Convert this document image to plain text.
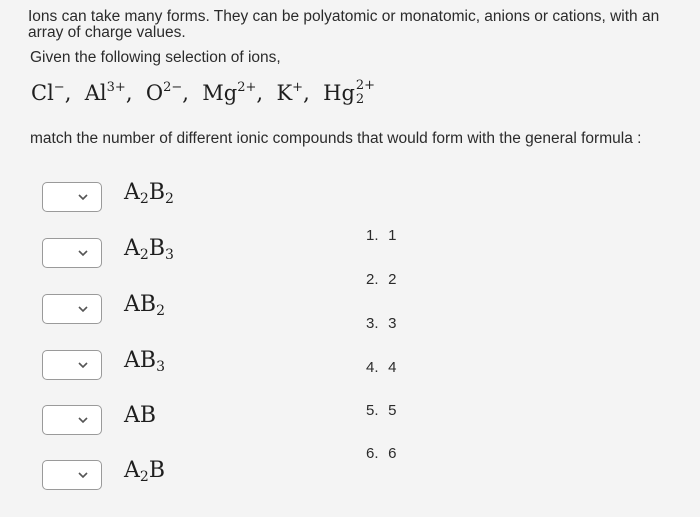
Ions can take many forms. They can be polyatomic or monatomic, anions or cations, with an array of charge values.
Given the following selection of ions,
Cl−, $Al^{3+}$, $O^{2-}$, $Mg^{2+}$, K+, Hg 2+
2
match the number of different ionic compounds that would form with the general formula :
$A_2B_2$
$A_2B_3$
$AB_2$
$AB_3$
AB
$A_2B$
1. 1
2. 2
3. 3
4. 4
5. 5
6. 6
